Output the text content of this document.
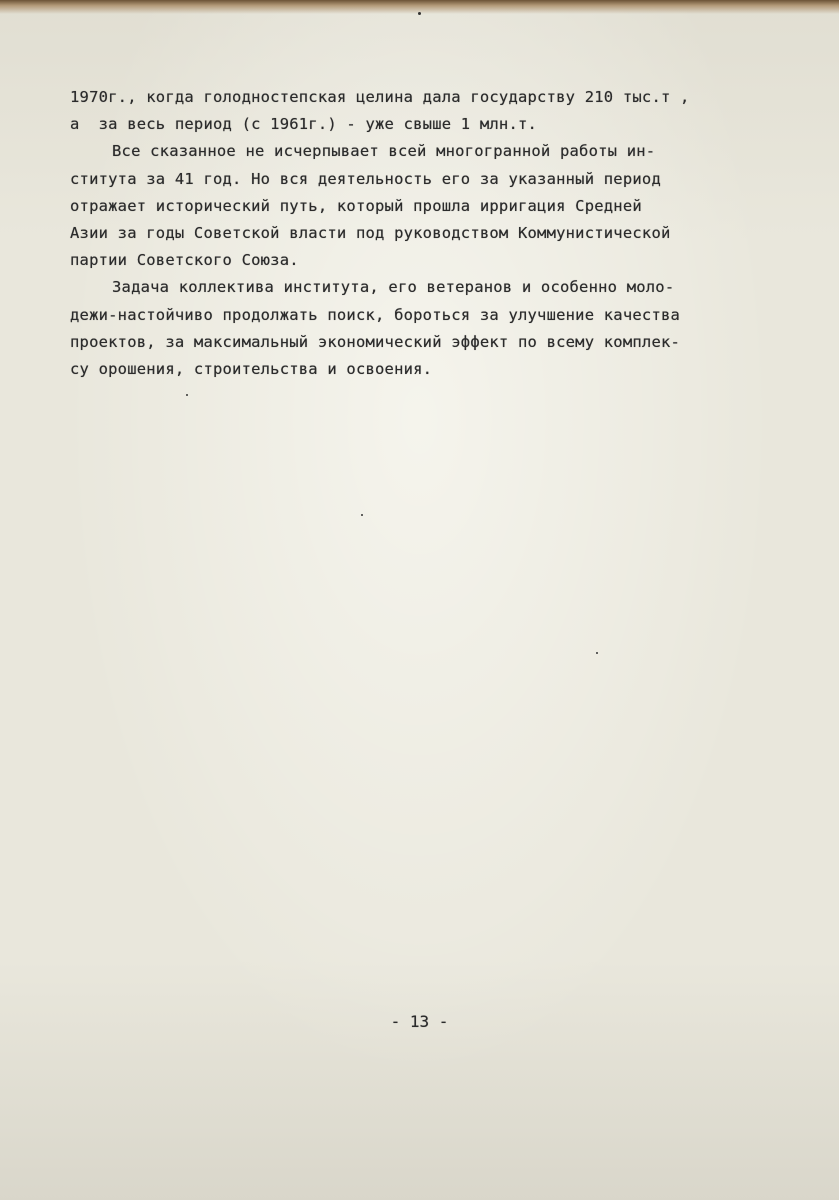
1970г., когда голодностепская целина дала государству 210 тыс.т ,
а  за весь период (с 1961г.) - уже свыше 1 млн.т.
Все сказанное не исчерпывает всей многогранной работы ин-
ститута за 41 год. Но вся деятельность его за указанный период
отражает исторический путь, который прошла ирригация Средней
Азии за годы Советской власти под руководством Коммунистической
партии Советского Союза.
Задача коллектива института, его ветеранов и особенно моло-
дежи-настойчиво продолжать поиск, бороться за улучшение качества
проектов, за максимальный экономический эффект по всему комплек-
су орошения, строительства и освоения.
- 13 -
